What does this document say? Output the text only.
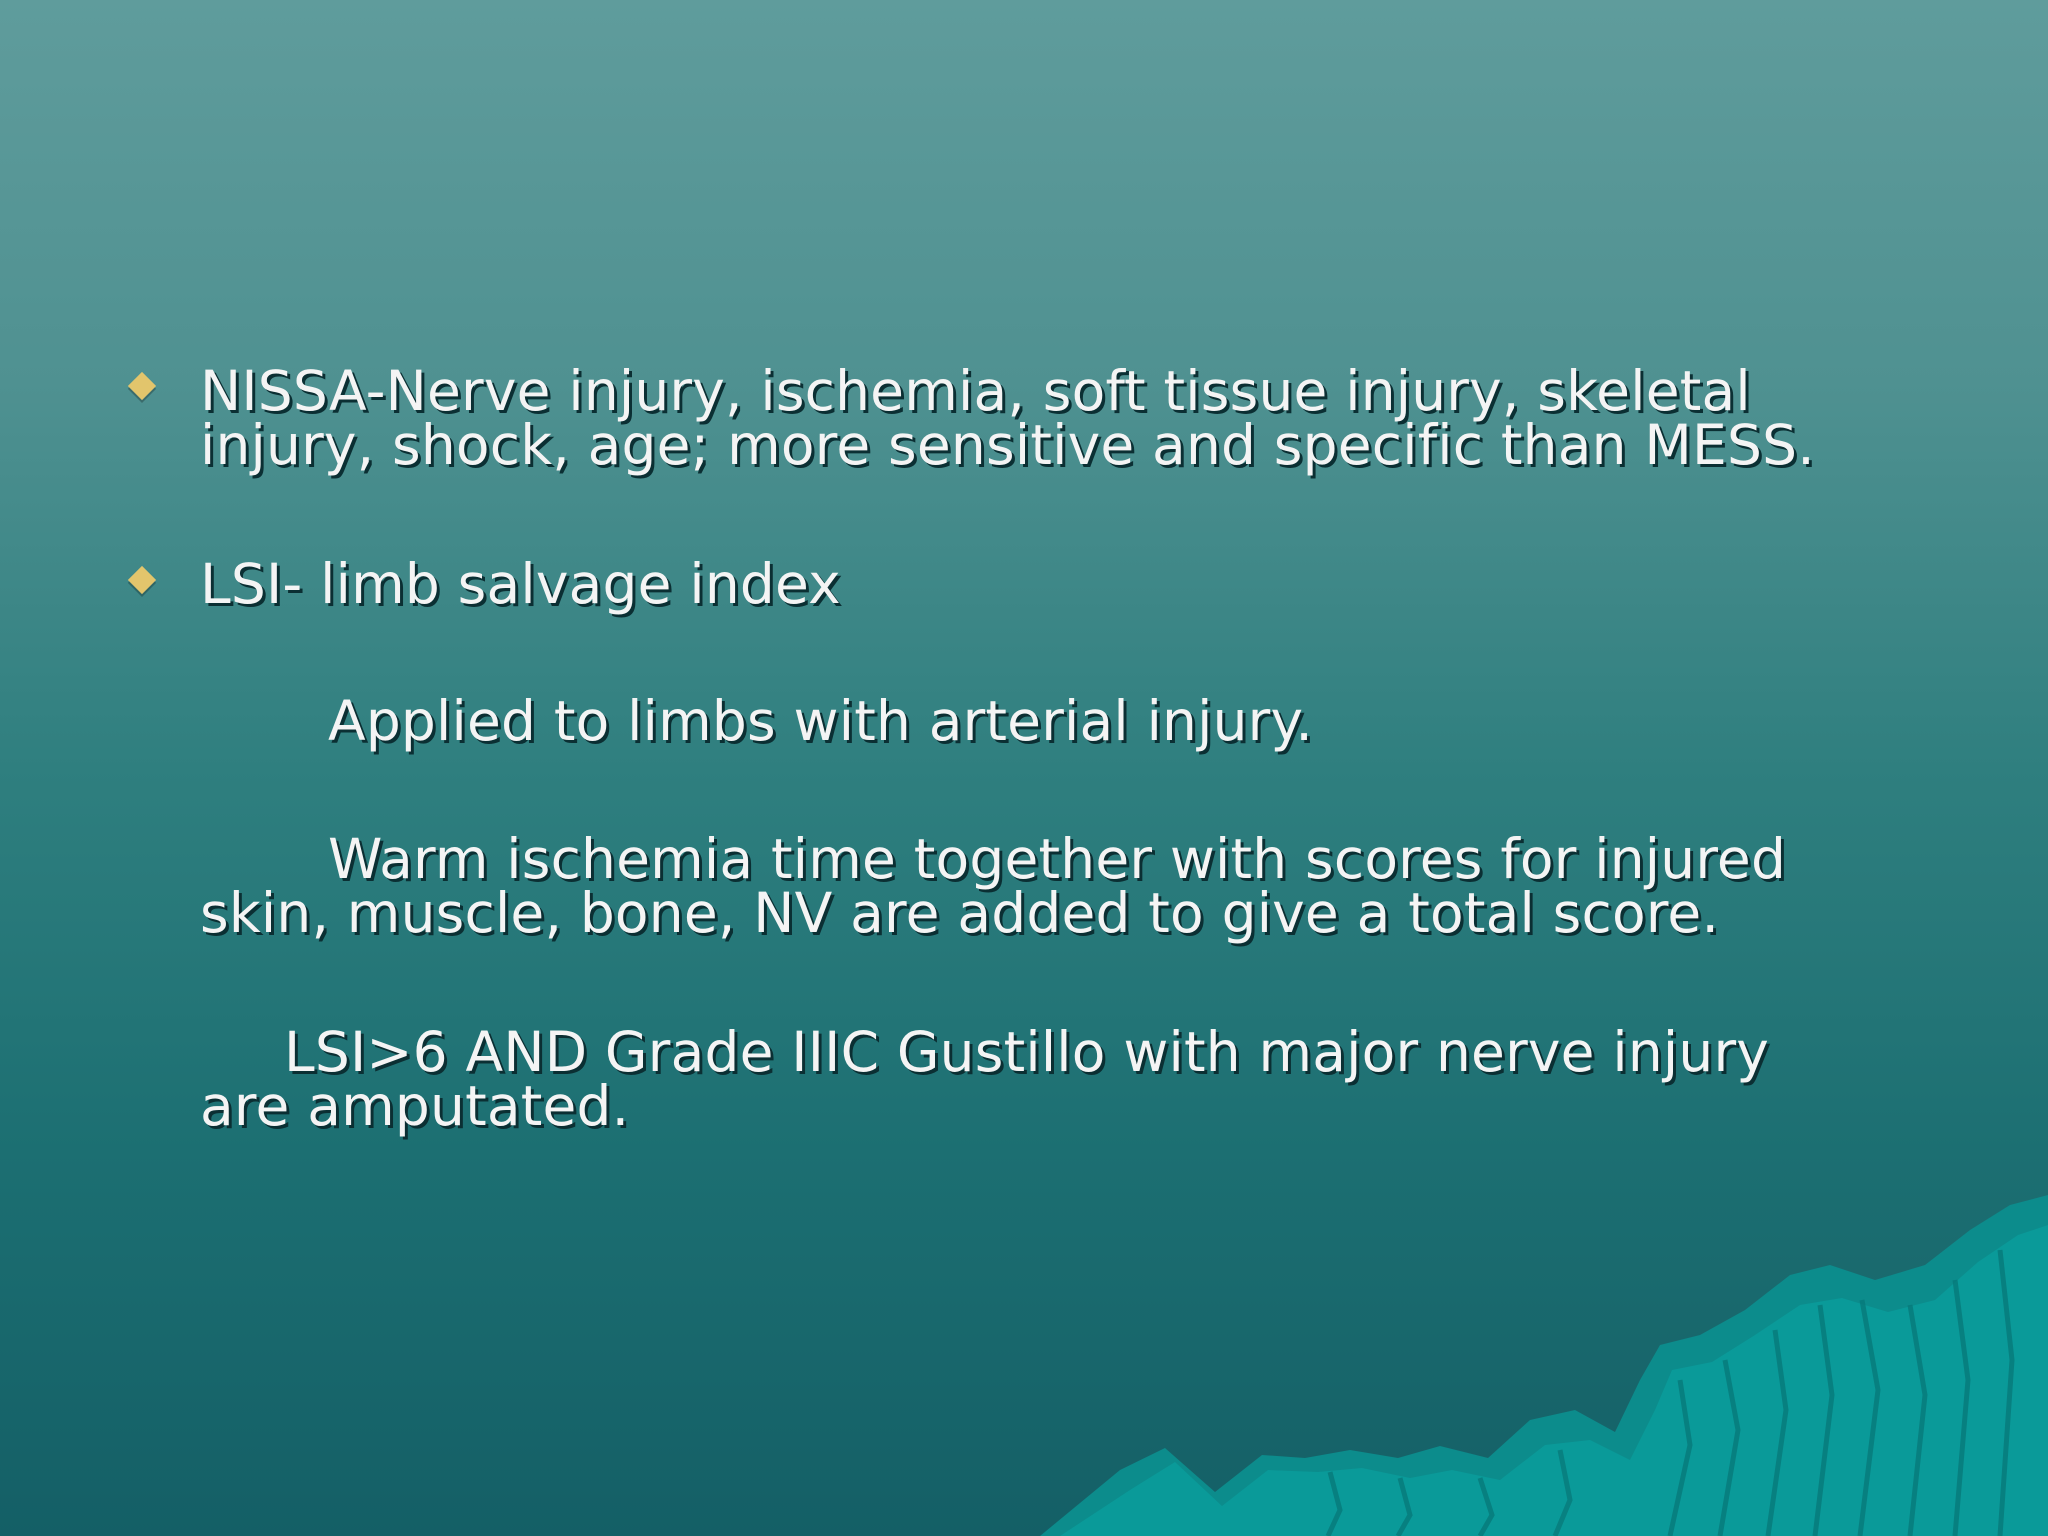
NISSA-Nerve injury, ischemia, soft tissue injury, skeletal
injury, shock, age; more sensitive and specific than MESS.
LSI- limb salvage index
Applied to limbs with arterial injury.
Warm ischemia time together with scores for injured
skin, muscle, bone, NV are added to give a total score.
LSI>6 AND Grade IIIC Gustillo with major nerve injury
are amputated.
